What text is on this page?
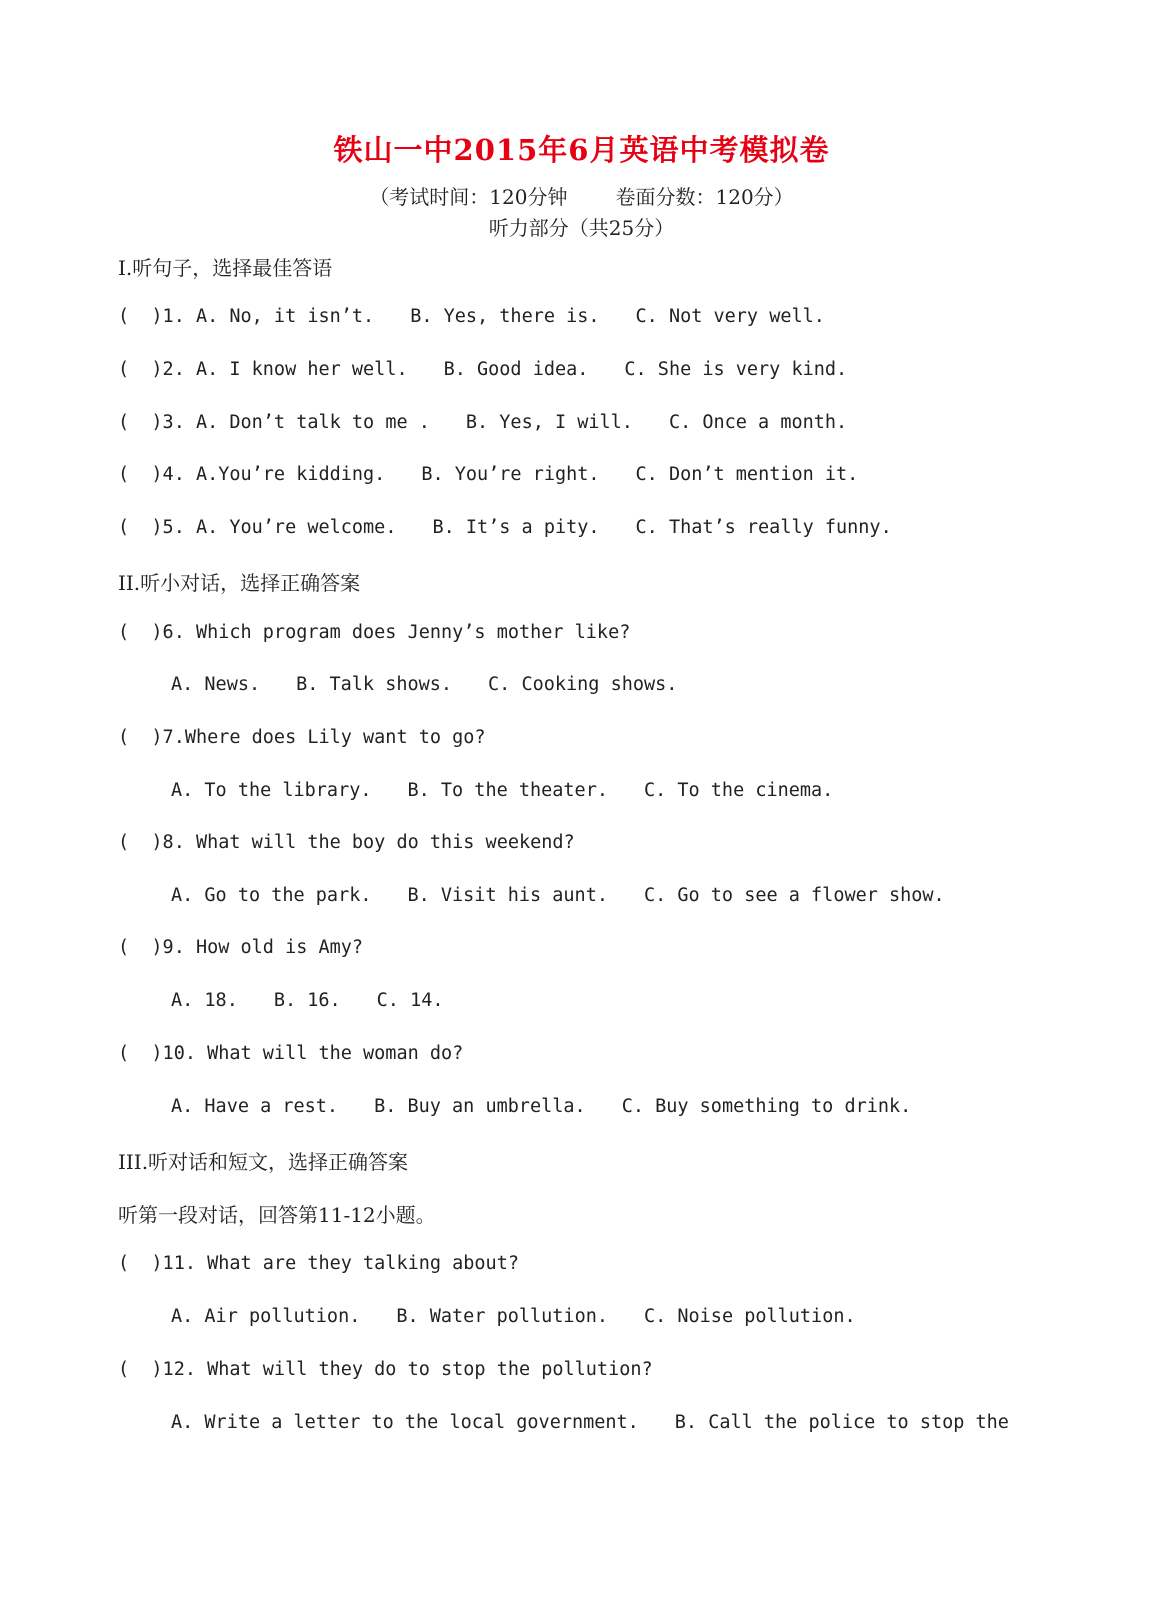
铁山一中2015年6月英语中考模拟卷
（考试时间：120分钟 卷面分数：120分）
听力部分（共25分）
I.听句子，选择最佳答语
(  )1. A. No, it isn’t. B. Yes, there is. C. Not very well.
(  )2. A. I know her well. B. Good idea. C. She is very kind.
(  )3. A. Don’t talk to me . B. Yes, I will. C. Once a month.
(  )4. A.You’re kidding. B. You’re right. C. Don’t mention it.
(  )5. A. You’re welcome. B. It’s a pity. C. That’s really funny.
II.听小对话，选择正确答案
(  )6. Which program does Jenny’s mother like?
A. News. B. Talk shows. C. Cooking shows.
(  )7.Where does Lily want to go?
A. To the library. B. To the theater. C. To the cinema.
(  )8. What will the boy do this weekend?
A. Go to the park. B. Visit his aunt. C. Go to see a flower show.
(  )9. How old is Amy?
A. 18. B. 16. C. 14.
(  )10. What will the woman do?
A. Have a rest. B. Buy an umbrella. C. Buy something to drink.
III.听对话和短文，选择正确答案
听第一段对话，回答第11-12小题。
(  )11. What are they talking about?
A. Air pollution. B. Water pollution. C. Noise pollution.
(  )12. What will they do to stop the pollution?
A. Write a letter to the local government. B. Call the police to stop the
